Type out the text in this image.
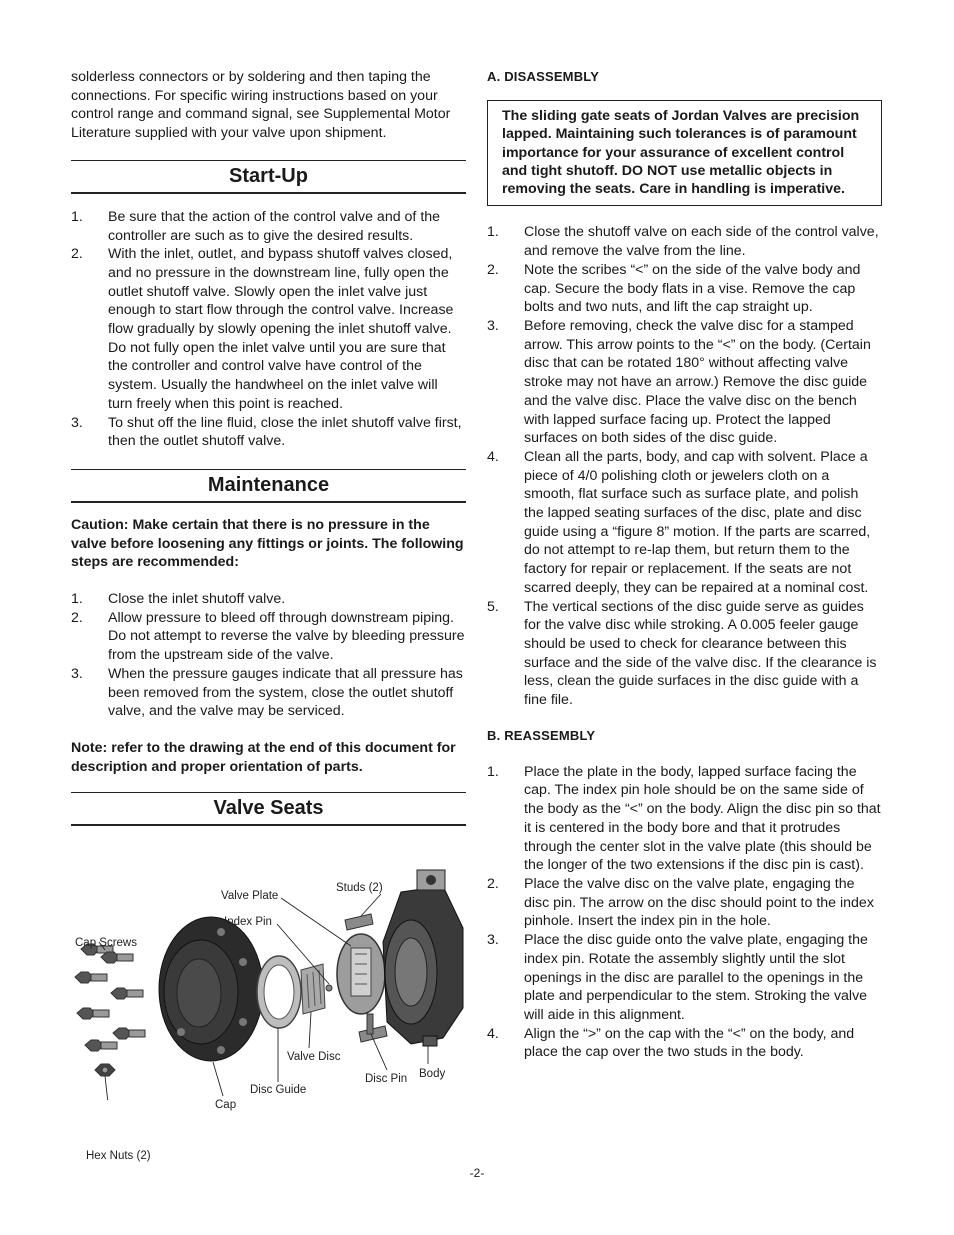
solderless connectors or by soldering and then taping the connections. For specific wiring instructions based on your control range and command signal, see Supplemental Motor Literature supplied with your valve upon shipment.

Start-Up
1. Be sure that the action of the control valve and of the controller are such as to give the desired results.
2. With the inlet, outlet, and bypass shutoff valves closed, and no pressure in the downstream line, fully open the outlet shutoff valve. Slowly open the inlet valve just enough to start flow through the control valve. Increase flow gradually by slowly opening the inlet shutoff valve. Do not fully open the inlet valve until you are sure that the controller and control valve have control of the system. Usually the handwheel on the inlet valve will turn freely when this point is reached.
3. To shut off the line fluid, close the inlet shutoff valve first, then the outlet shutoff valve.
Maintenance

Caution: Make certain that there is no pressure in the valve before loosening any fittings or joints. The following steps are recommended:

1. Close the inlet shutoff valve.
2. Allow pressure to bleed off through downstream piping. Do not attempt to reverse the valve by bleeding pressure from the upstream side of the valve.
3. When the pressure gauges indicate that all pressure has been removed from the system, close the outlet shutoff valve, and the valve may be serviced.

Note: refer to the drawing at the end of this document for description and proper orientation of parts.

Valve Seats
Valve Plate
Studs (2)
Index Pin
Cap Screws
Valve Disc
Body
Disc Pin
Disc Guide
Cap
Hex Nuts (2)
A. DISASSEMBLY
The sliding gate seats of Jordan Valves are precision lapped. Maintaining such tolerances is of paramount importance for your assurance of excellent control and tight shutoff. DO NOT use metallic objects in removing the seats. Care in handling is imperative.
1. Close the shutoff valve on each side of the control valve, and remove the valve from the line.
2. Note the scribes “<” on the side of the valve body and cap. Secure the body flats in a vise. Remove the cap bolts and two nuts, and lift the cap straight up.
3. Before removing, check the valve disc for a stamped arrow. This arrow points to the “<” on the body. (Certain disc that can be rotated 180° without affecting valve stroke may not have an arrow.) Remove the disc guide and the valve disc. Place the valve disc on the bench with lapped surface facing up. Protect the lapped surfaces on both sides of the disc guide.
4. Clean all the parts, body, and cap with solvent. Place a piece of 4/0 polishing cloth or jewelers cloth on a smooth, flat surface such as surface plate, and polish the lapped seating surfaces of the disc, plate and disc guide using a “figure 8” motion. If the parts are scarred, do not attempt to re-lap them, but return them to the factory for repair or replacement. If the seats are not scarred deeply, they can be repaired at a nominal cost.
5. The vertical sections of the disc guide serve as guides for the valve disc while stroking. A 0.005 feeler gauge should be used to check for clearance between this surface and the side of the valve disc. If the clearance is less, clean the guide surfaces in the disc guide with a fine file.
B. REASSEMBLY
1. Place the plate in the body, lapped surface facing the cap. The index pin hole should be on the same side of the body as the “<” on the body. Align the disc pin so that it is centered in the body bore and that it protrudes through the center slot in the valve plate (this should be the longer of the two extensions if the disc pin is cast).
2. Place the valve disc on the valve plate, engaging the disc pin. The arrow on the disc should point to the index pinhole. Insert the index pin in the hole.
3. Place the disc guide onto the valve plate, engaging the index pin. Rotate the assembly slightly until the slot openings in the disc are parallel to the openings in the plate and perpendicular to the stem. Stroking the valve will aide in this alignment.
4. Align the “>” on the cap with the “<” on the body, and place the cap over the two studs in the body.
-2-
